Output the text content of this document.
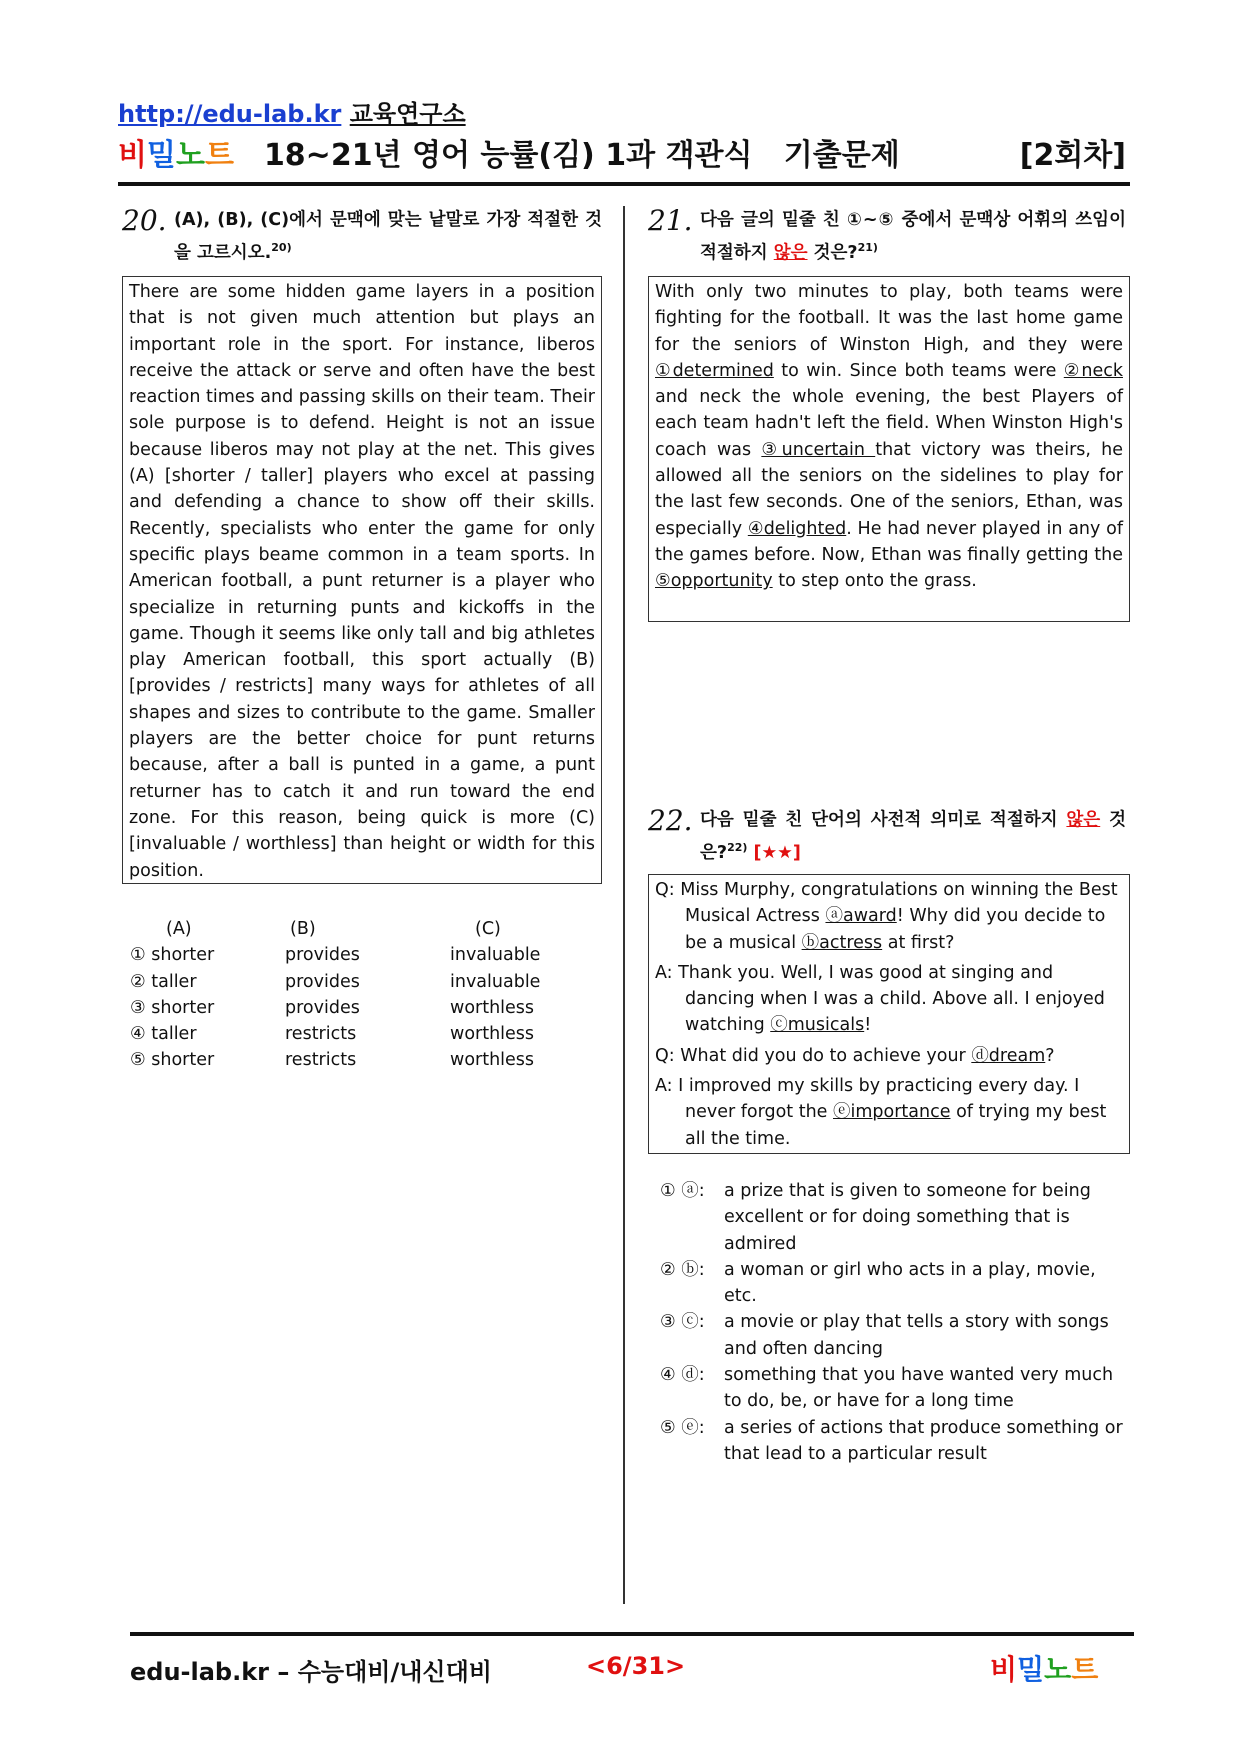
http://edu-lab.kr 교육연구소
비밀노트 18~21년 영어 능률(김) 1과 객관식   기출문제	[2회차]
20. (A), (B), (C)에서 문맥에 맞는 낱말로 가장 적절한 것을 고르시오.$^{20)}$
There are some hidden game layers in a position that is not given much attention but plays an important role in the sport. For instance, liberos receive the attack or serve and often have the best reaction times and passing skills on their team. Their sole purpose is to defend. Height is not an issue because liberos may not play at the net. This gives (A) [shorter / taller] players who excel at passing and defending a chance to show off their skills. Recently, specialists who enter the game for only specific plays beame common in a team sports. In American football, a punt returner is a player who specialize in returning punts and kickoffs in the game. Though it seems like only tall and big athletes play American football, this sport actually (B) [provides / restricts] many ways for athletes of all shapes and sizes to contribute to the game. Smaller players are the better choice for punt returns because, after a ball is punted in a game, a punt returner has to catch it and run toward the end zone. For this reason, being quick is more (C) [invaluable / worthless] than height or width for this position.
(A)	(B)	(C)
① shorter	provides	invaluable
② taller	provides	invaluable
③ shorter	provides	worthless
④ taller	restricts	worthless
⑤ shorter	restricts	worthless
21. 다음 글의 밑줄 친 ①~⑤ 중에서 문맥상 어휘의 쓰임이 적절하지 않은 것은?$^{21)}$
With only two minutes to play, both teams were fighting for the football. It was the last home game for the seniors of Winston High, and they were ①determined to win. Since both teams were ②neck and neck the whole evening, the best Players of each team hadn't left the field. When Winston High's coach was ③uncertain that victory was theirs, he allowed all the seniors on the sidelines to play for the last few seconds. One of the seniors, Ethan, was especially ④delighted. He had never played in any of the games before. Now, Ethan was finally getting the ⑤opportunity to step onto the grass.
22. 다음 밑줄 친 단어의 사전적 의미로 적절하지 않은 것은?$^{22)}$ [★★]

Q: Miss Murphy, congratulations on winning the Best   Musical Actress ⓐaward! Why did you decide to   be a musical ⓑactress at first?

A: Thank you. Well, I was good at singing and dancing when I was a child. Above all. I enjoyed watching ⓒmusicals!

Q: What did you do to achieve your ⓓdream?

A: I improved my skills by practicing every day. I never forgot the ⓔimportance of trying my best all the time.

① ⓐ:	a prize that is given to someone for being excellent or for doing something that is admired
② ⓑ:	a woman or girl who acts in a play, movie, etc.
③ ⓒ:	a movie or play that tells a story with songs and often dancing
④ ⓓ:	something that you have wanted very much to do, be, or have for a long time
⑤ ⓔ:	a series of actions that produce something or that lead to a particular result
edu-lab.kr – 수능대비/내신대비	<6/31>	비밀노트
